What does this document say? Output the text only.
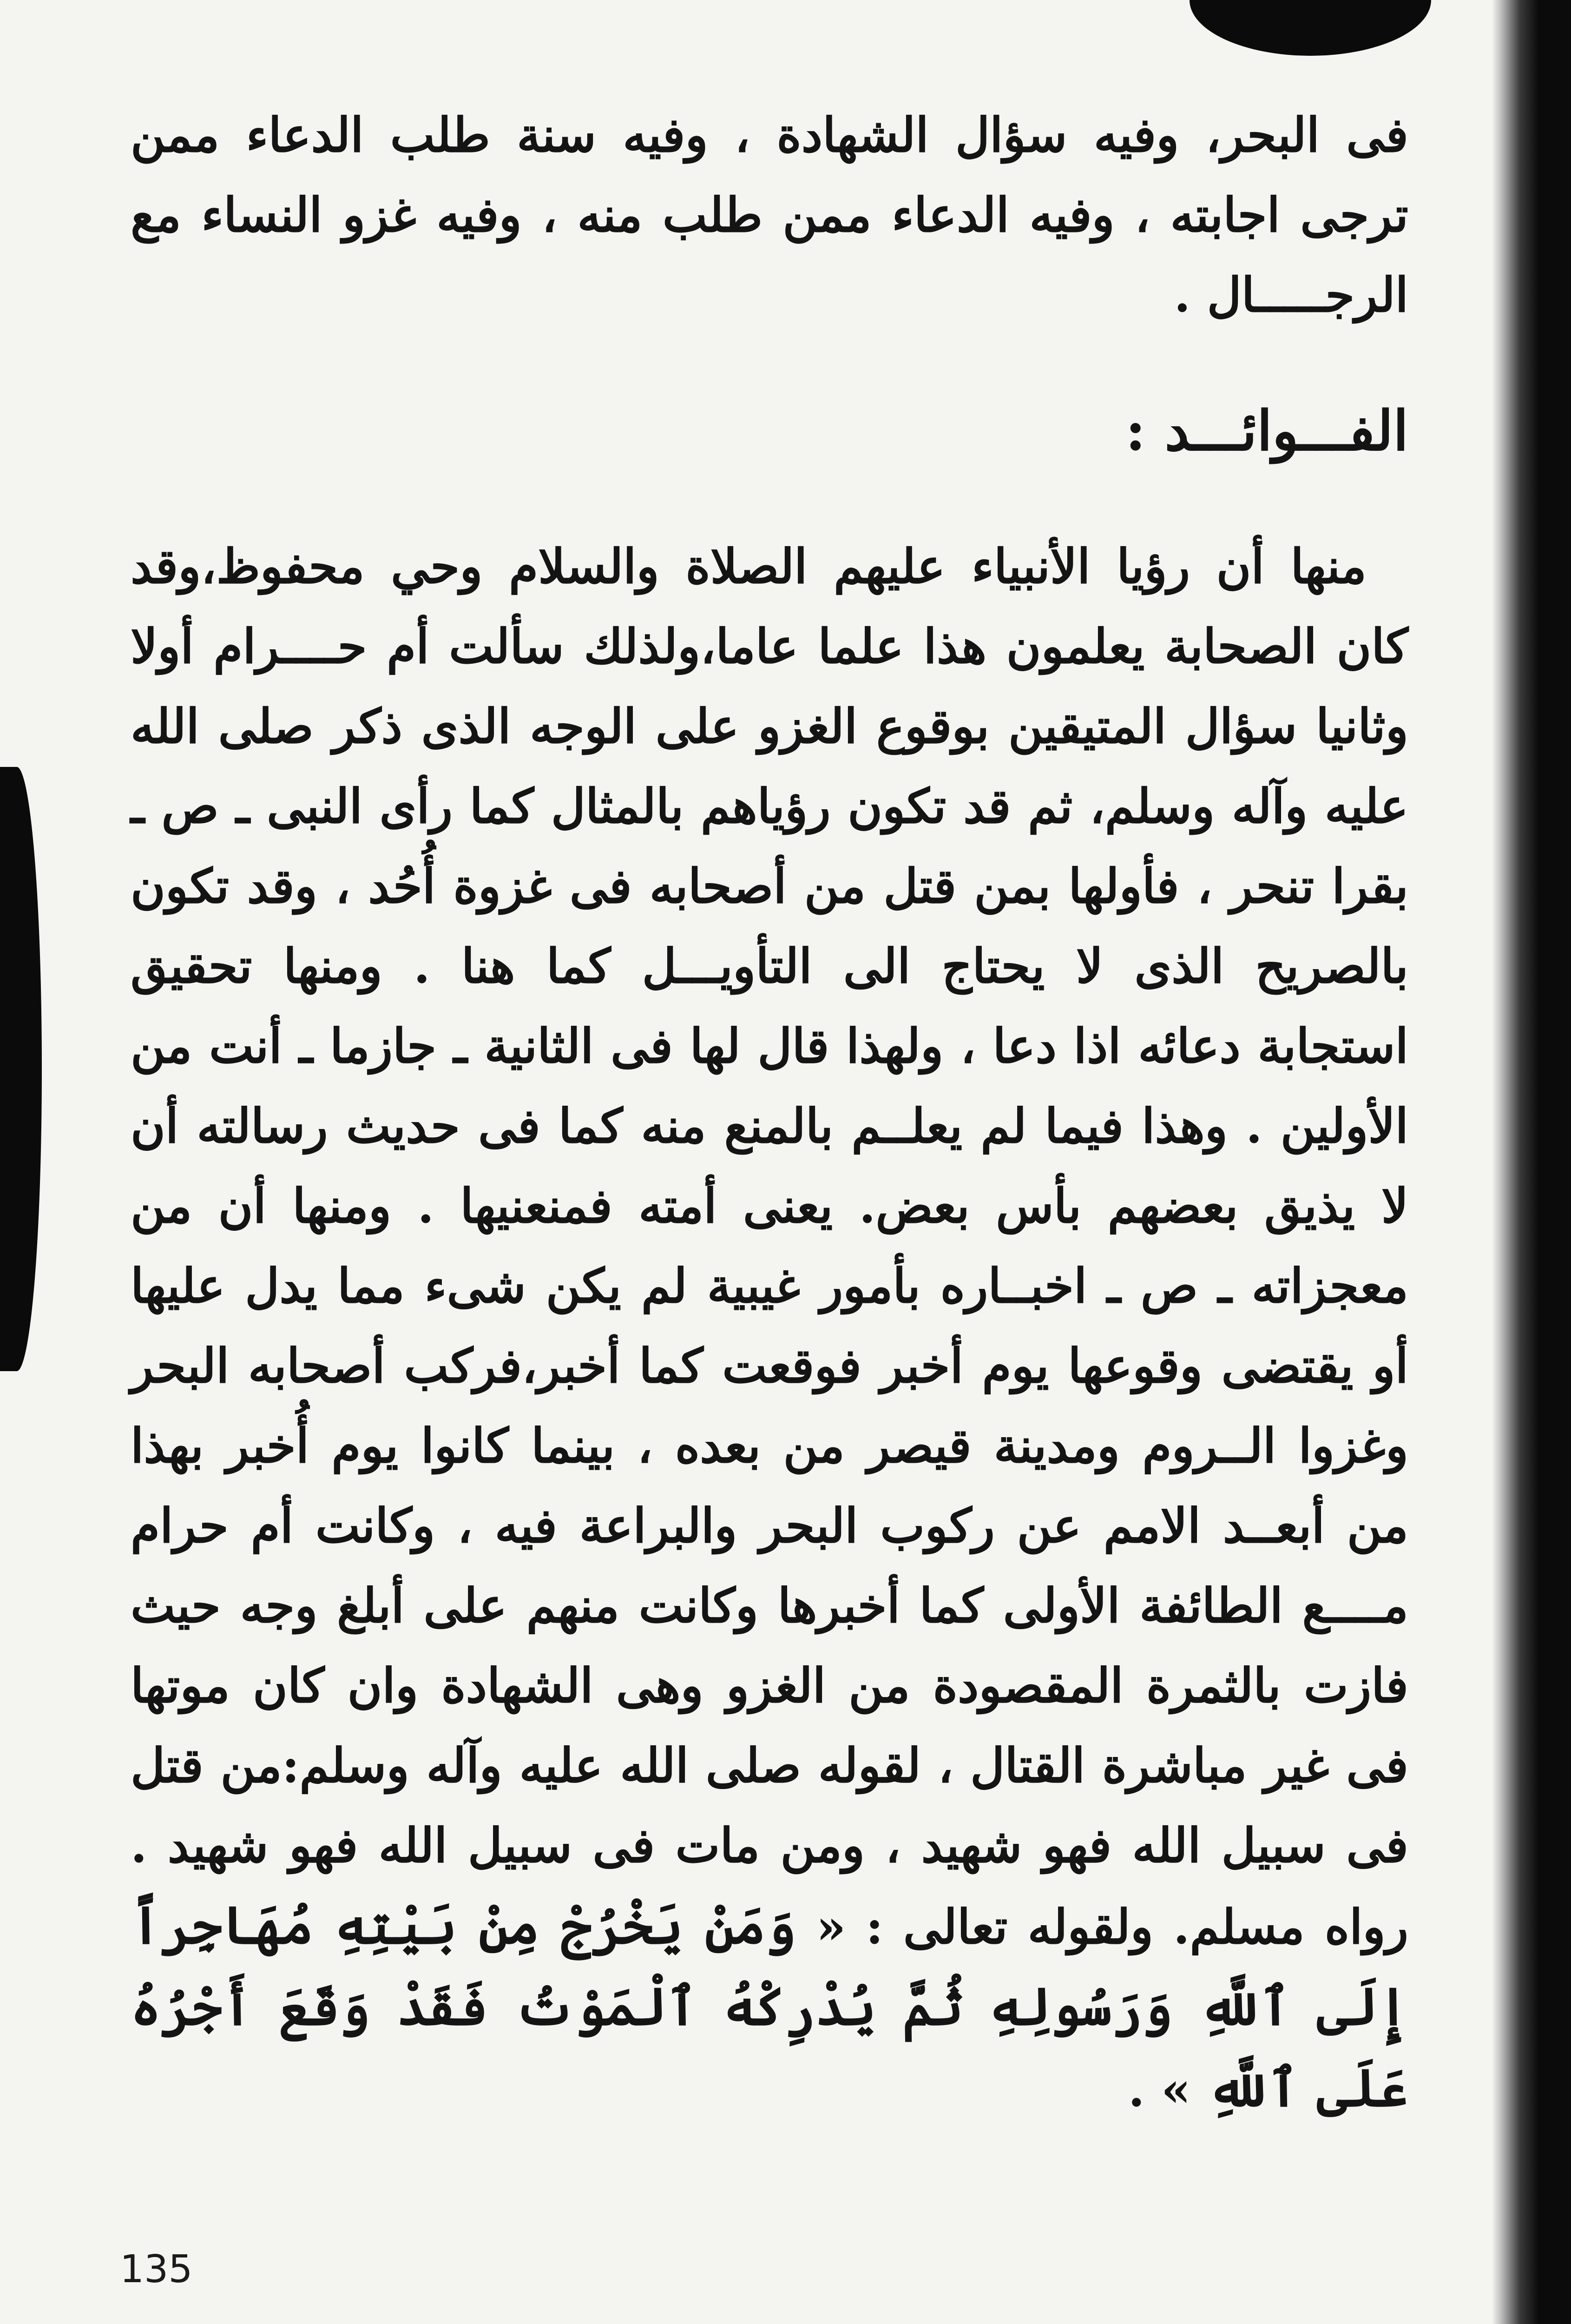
فى البحر، وفيه سؤال الشهادة ، وفيه سنة طلب الدعاء ممن ترجى اجابته ، وفيه الدعاء ممن طلب منه ، وفيه غزو النساء مع الرجـــــال .

الفـــوائـــد :

منها أن رؤيا الأنبياء عليهم الصلاة والسلام وحي محفوظ،وقد كان الصحابة يعلمون هذا علما عاما،ولذلك سألت أم حــــرام أولا وثانيا سؤال المتيقين بوقوع الغزو على الوجه الذى ذكر صلى الله عليه وآله وسلم، ثم قد تكون رؤياهم بالمثال كما رأى النبى ـ ص ـ بقرا تنحر ، فأولها بمن قتل من أصحابه فى غزوة أُحُد ، وقد تكون بالصريح الذى لا يحتاج الى التأويـــل كما هنا . ومنها تحقيق استجابة دعائه اذا دعا ، ولهذا قال لها فى الثانية ـ جازما ـ أنت من الأولين . وهذا فيما لم يعلــم بالمنع منه كما فى حديث رسالته أن لا يذيق بعضهم بأس بعض. يعنى أمته فمنعنيها . ومنها أن من معجزاته ـ ص ـ اخبــاره بأمور غيبية لم يكن شىء مما يدل عليها أو يقتضى وقوعها يوم أخبر فوقعت كما أخبر،فركب أصحابه البحر وغزوا الــروم ومدينة قيصر من بعده ، بينما كانوا يوم أُخبر بهذا من أبعــد الامم عن ركوب البحر والبراعة فيه ، وكانت أم حرام مــــع الطائفة الأولى كما أخبرها وكانت منهم على أبلغ وجه حيث فازت بالثمرة المقصودة من الغزو وهى الشهادة وان كان موتها فى غير مباشرة القتال ، لقوله صلى الله عليه وآله وسلم:من قتل فى سبيل الله فهو شهيد ، ومن مات فى سبيل الله فهو شهيد . رواه مسلم. ولقوله تعالى : « وَمَنْ يَخْرُجْ مِنْ بَيْتِهِ مُهَاجِراً إِلَى ٱللَّهِ وَرَسُولِهِ ثُمَّ يُدْرِكْهُ ٱلْمَوْتُ فَقَدْ وَقَعَ أَجْرُهُ عَلَى ٱللَّهِ » .

135
